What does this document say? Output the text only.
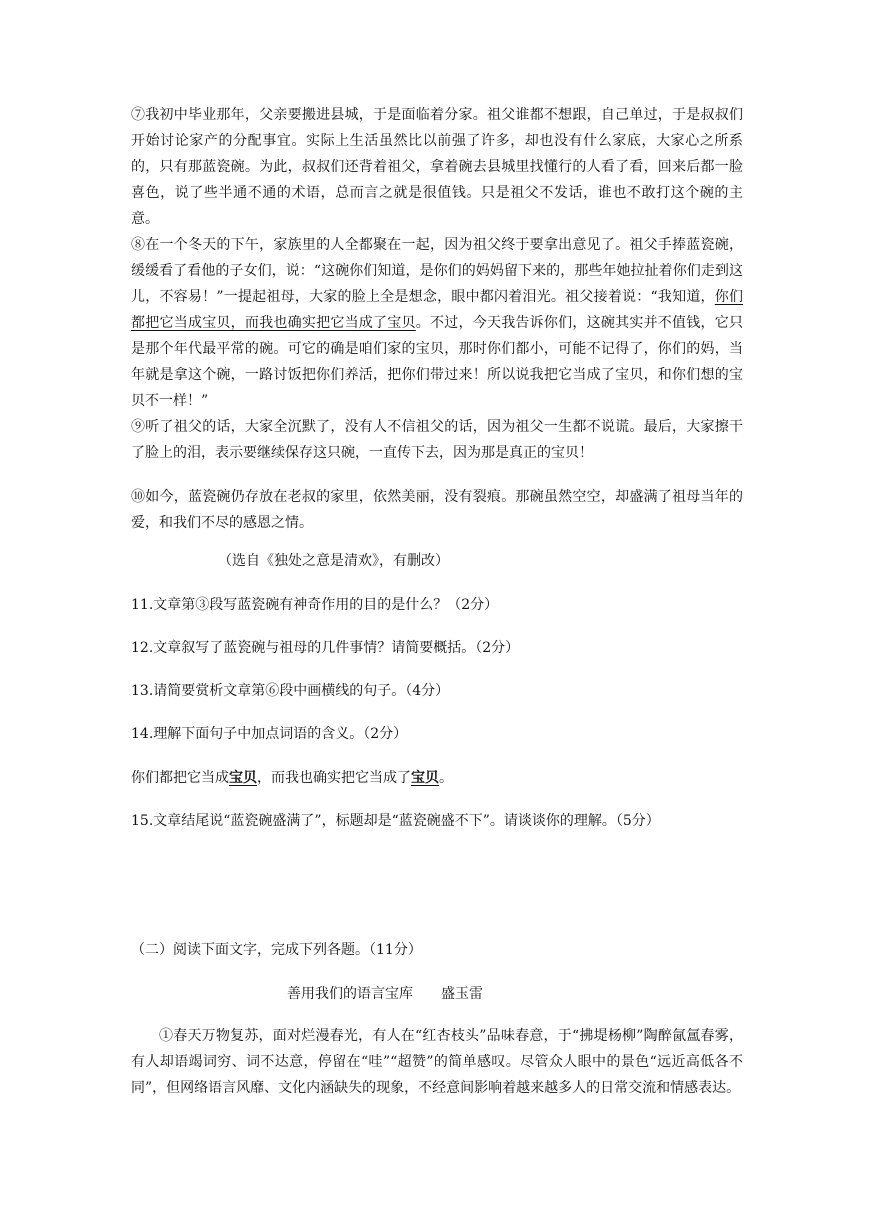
⑦我初中毕业那年，父亲要搬进县城，于是面临着分家。祖父谁都不想跟，自己单过，于是叔叔们开始讨论家产的分配事宜。实际上生活虽然比以前强了许多，却也没有什么家底，大家心之所系的，只有那蓝瓷碗。为此，叔叔们还背着祖父，拿着碗去县城里找懂行的人看了看，回来后都一脸喜色，说了些半通不通的术语，总而言之就是很值钱。只是祖父不发话，谁也不敢打这个碗的主意。

⑧在一个冬天的下午，家族里的人全都聚在一起，因为祖父终于要拿出意见了。祖父手捧蓝瓷碗，缓缓看了看他的子女们，说：“这碗你们知道，是你们的妈妈留下来的，那些年她拉扯着你们走到这儿，不容易！”一提起祖母，大家的脸上全是想念，眼中都闪着泪光。祖父接着说：“我知道，你们都把它当成宝贝，而我也确实把它当成了宝贝。不过，今天我告诉你们，这碗其实并不值钱，它只是那个年代最平常的碗。可它的确是咱们家的宝贝，那时你们都小，可能不记得了，你们的妈，当年就是拿这个碗，一路讨饭把你们养活，把你们带过来！所以说我把它当成了宝贝，和你们想的宝贝不一样！”

⑨听了祖父的话，大家全沉默了，没有人不信祖父的话，因为祖父一生都不说谎。最后，大家擦干了脸上的泪，表示要继续保存这只碗，一直传下去，因为那是真正的宝贝！

⑩如今，蓝瓷碗仍存放在老叔的家里，依然美丽，没有裂痕。那碗虽然空空，却盛满了祖母当年的爱，和我们不尽的感恩之情。

（选自《独处之意是清欢》，有删改）

11.文章第③段写蓝瓷碗有神奇作用的目的是什么？（2分）

12.文章叙写了蓝瓷碗与祖母的几件事情？请简要概括。（2分）

13.请简要赏析文章第⑥段中画横线的句子。（4分）

14.理解下面句子中加点词语的含义。（2分）

你们都把它当成宝贝，而我也确实把它当成了宝贝。

15.文章结尾说“蓝瓷碗盛满了”，标题却是“蓝瓷碗盛不下”。请谈谈你的理解。（5分）

（二）阅读下面文字，完成下列各题。（11分）

善用我们的语言宝库 盛玉雷

①春天万物复苏，面对烂漫春光，有人在“红杏枝头”品味春意，于“拂堤杨柳”陶醉氤氲春雾，有人却语竭词穷、词不达意，停留在“哇”“超赞”的简单感叹。尽管众人眼中的景色“远近高低各不同”，但网络语言风靡、文化内涵缺失的现象，不经意间影响着越来越多人的日常交流和情感表达。
